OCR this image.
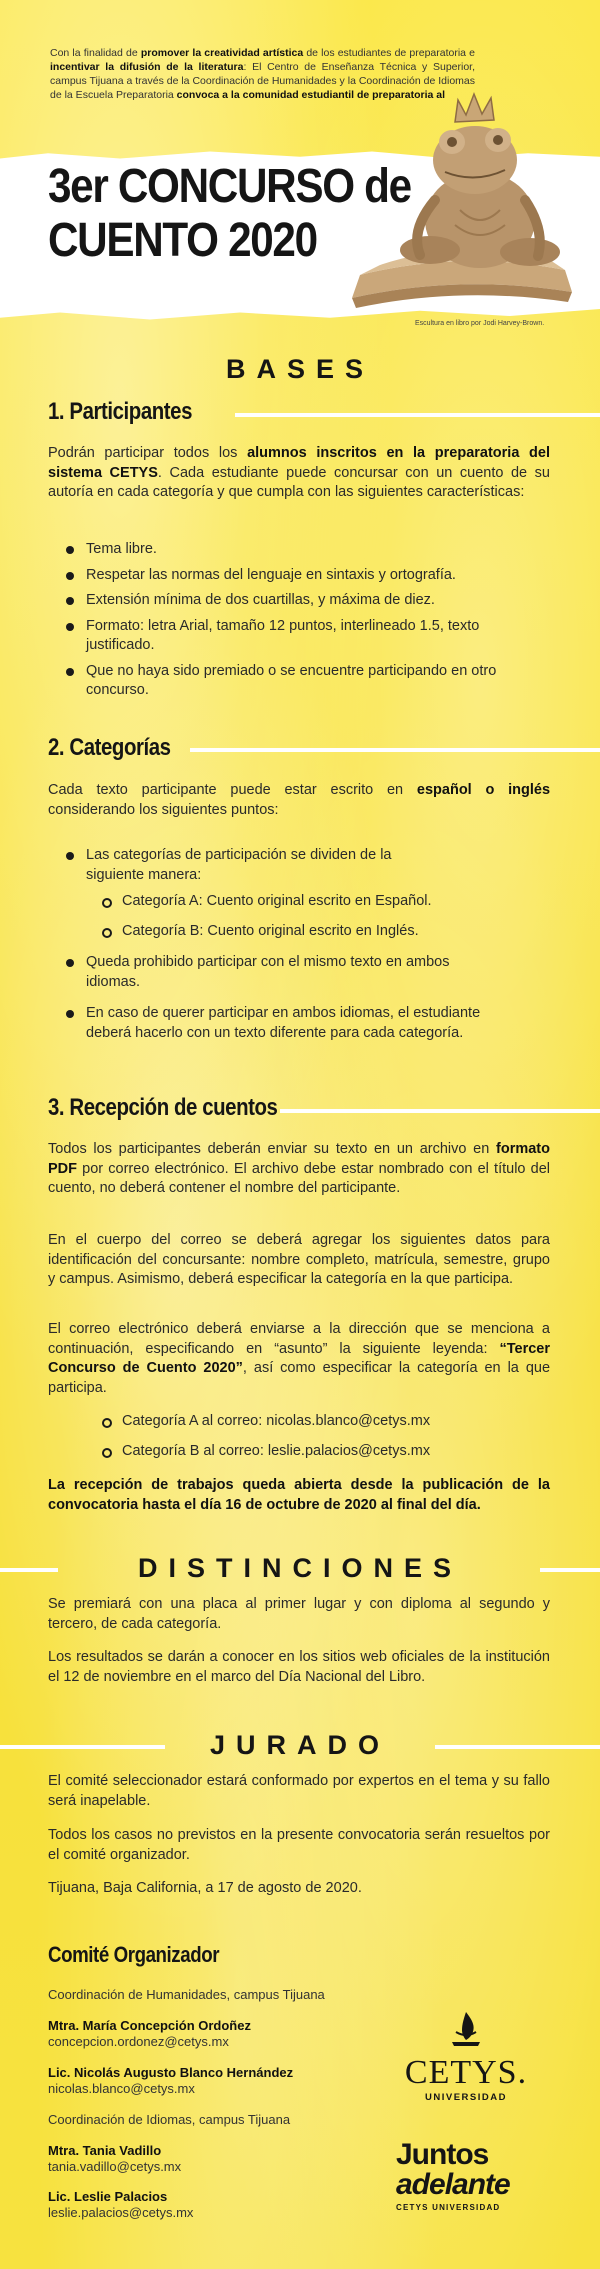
Con la finalidad de promover la creatividad artística de los estudiantes de preparatoria e incentivar la difusión de la literatura: El Centro de Enseñanza Técnica y Superior, campus Tijuana a través de la Coordinación de Humanidades y la Coordinación de Idiomas de la Escuela Preparatoria convoca a la comunidad estudiantil de preparatoria al
3er CONCURSO de
CUENTO 2020
Escultura en libro por Jodi Harvey-Brown.
BASES
1. Participantes
Podrán participar todos los alumnos inscritos en la preparatoria del sistema CETYS. Cada estudiante puede concursar con un cuento de su autoría en cada categoría y que cumpla con las siguientes características:
Tema libre.
Respetar las normas del lenguaje en sintaxis y ortografía.
Extensión mínima de dos cuartillas, y máxima de diez.
Formato: letra Arial, tamaño 12 puntos, interlineado 1.5, texto justificado.
Que no haya sido premiado o se encuentre participando en otro concurso.
2. Categorías
Cada texto participante puede estar escrito en español o inglés considerando los siguientes puntos:
Las categorías de participación se dividen de la siguiente manera:
Categoría A: Cuento original escrito en Español.
Categoría B: Cuento original escrito en Inglés.
Queda prohibido participar con el mismo texto en ambos idiomas.
En caso de querer participar en ambos idiomas, el estudiante deberá hacerlo con un texto diferente para cada categoría.
3. Recepción de cuentos
Todos los participantes deberán enviar su texto en un archivo en formato PDF por correo electrónico. El archivo debe estar nombrado con el título del cuento, no deberá contener el nombre del participante.
En el cuerpo del correo se deberá agregar los siguientes datos para identificación del concursante: nombre completo, matrícula, semestre, grupo y campus. Asimismo, deberá especificar la categoría en la que participa.
El correo electrónico deberá enviarse a la dirección que se menciona a continuación, especificando en “asunto” la siguiente leyenda: “Tercer Concurso de Cuento 2020”, así como especificar la categoría en la que participa.
Categoría A al correo: nicolas.blanco@cetys.mx
Categoría B al correo: leslie.palacios@cetys.mx
La recepción de trabajos queda abierta desde la publicación de la convocatoria hasta el día 16 de octubre de 2020 al final del día.
DISTINCIONES
Se premiará con una placa al primer lugar y con diploma al segundo y tercero, de cada categoría.
Los resultados se darán a conocer en los sitios web oficiales de la institución el 12 de noviembre en el marco del Día Nacional del Libro.
JURADO
El comité seleccionador estará conformado por expertos en el tema y su fallo será inapelable.
Todos los casos no previstos en la presente convocatoria serán resueltos por el comité organizador.
Tijuana, Baja California, a 17 de agosto de 2020.
Comité Organizador
Coordinación de Humanidades, campus Tijuana
Mtra. María Concepción Ordoñez
concepcion.ordonez@cetys.mx
Lic. Nicolás Augusto Blanco Hernández
nicolas.blanco@cetys.mx
Coordinación de Idiomas, campus Tijuana
Mtra. Tania Vadillo
tania.vadillo@cetys.mx
Lic. Leslie Palacios
leslie.palacios@cetys.mx
CETYS.
UNIVERSIDAD
Juntos
adelante
CETYS UNIVERSIDAD
